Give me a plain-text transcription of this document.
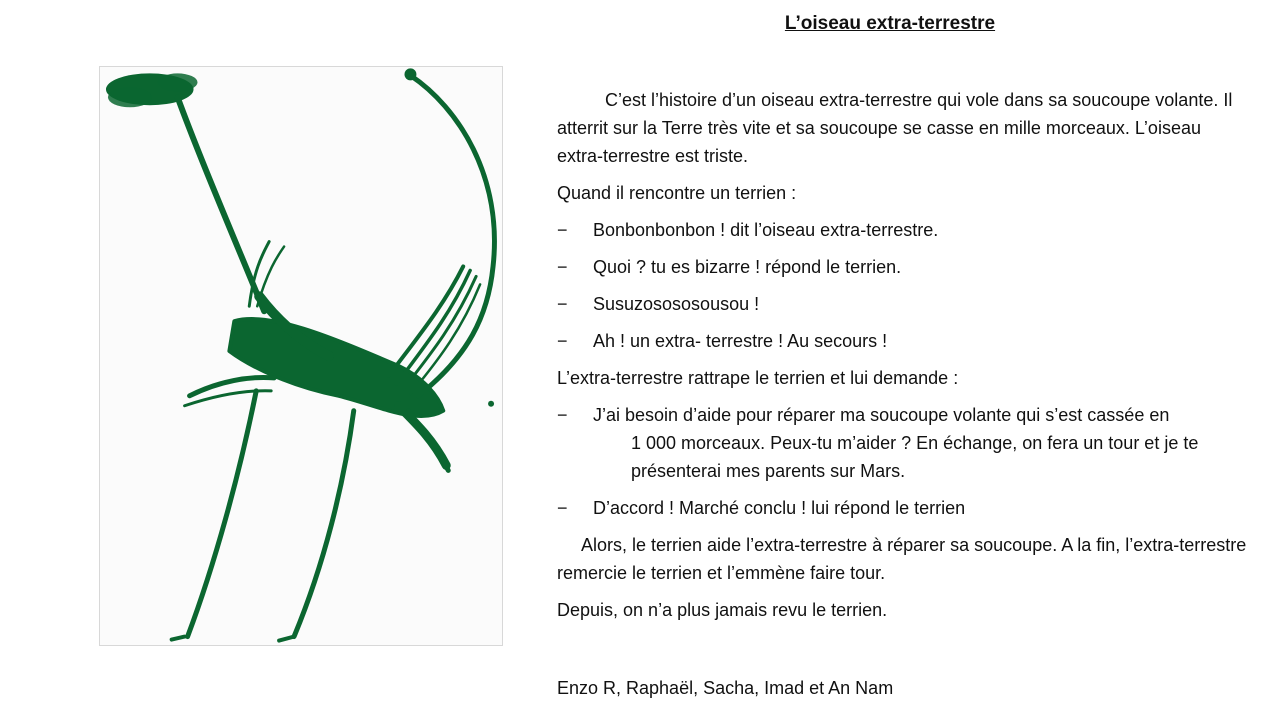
L’oiseau extra-terrestre

C’est l’histoire d’un oiseau extra-terrestre qui vole dans sa soucoupe volante. Il atterrit sur la Terre très vite et sa soucoupe se casse en mille morceaux. L’oiseau extra-terrestre est triste.

Quand il rencontre un terrien :

−	Bonbonbonbon ! dit l’oiseau extra-terrestre.
−	Quoi ? tu es bizarre ! répond le terrien.
−	Susuzosososousou !
−	Ah ! un extra- terrestre ! Au secours !

L’extra-terrestre rattrape le terrien et lui demande :

−	J’ai besoin d’aide pour réparer ma soucoupe volante qui s’est cassée en
1 000 morceaux. Peux-tu m’aider ? En échange, on fera un tour et je te présenterai mes parents sur Mars.
−	D’accord ! Marché conclu ! lui répond le terrien

Alors, le terrien aide l’extra-terrestre à réparer sa soucoupe. A la fin, l’extra-terrestre remercie le terrien et l’emmène faire tour.

Depuis, on n’a plus jamais revu le terrien.

Enzo R, Raphaël, Sacha, Imad et An Nam
